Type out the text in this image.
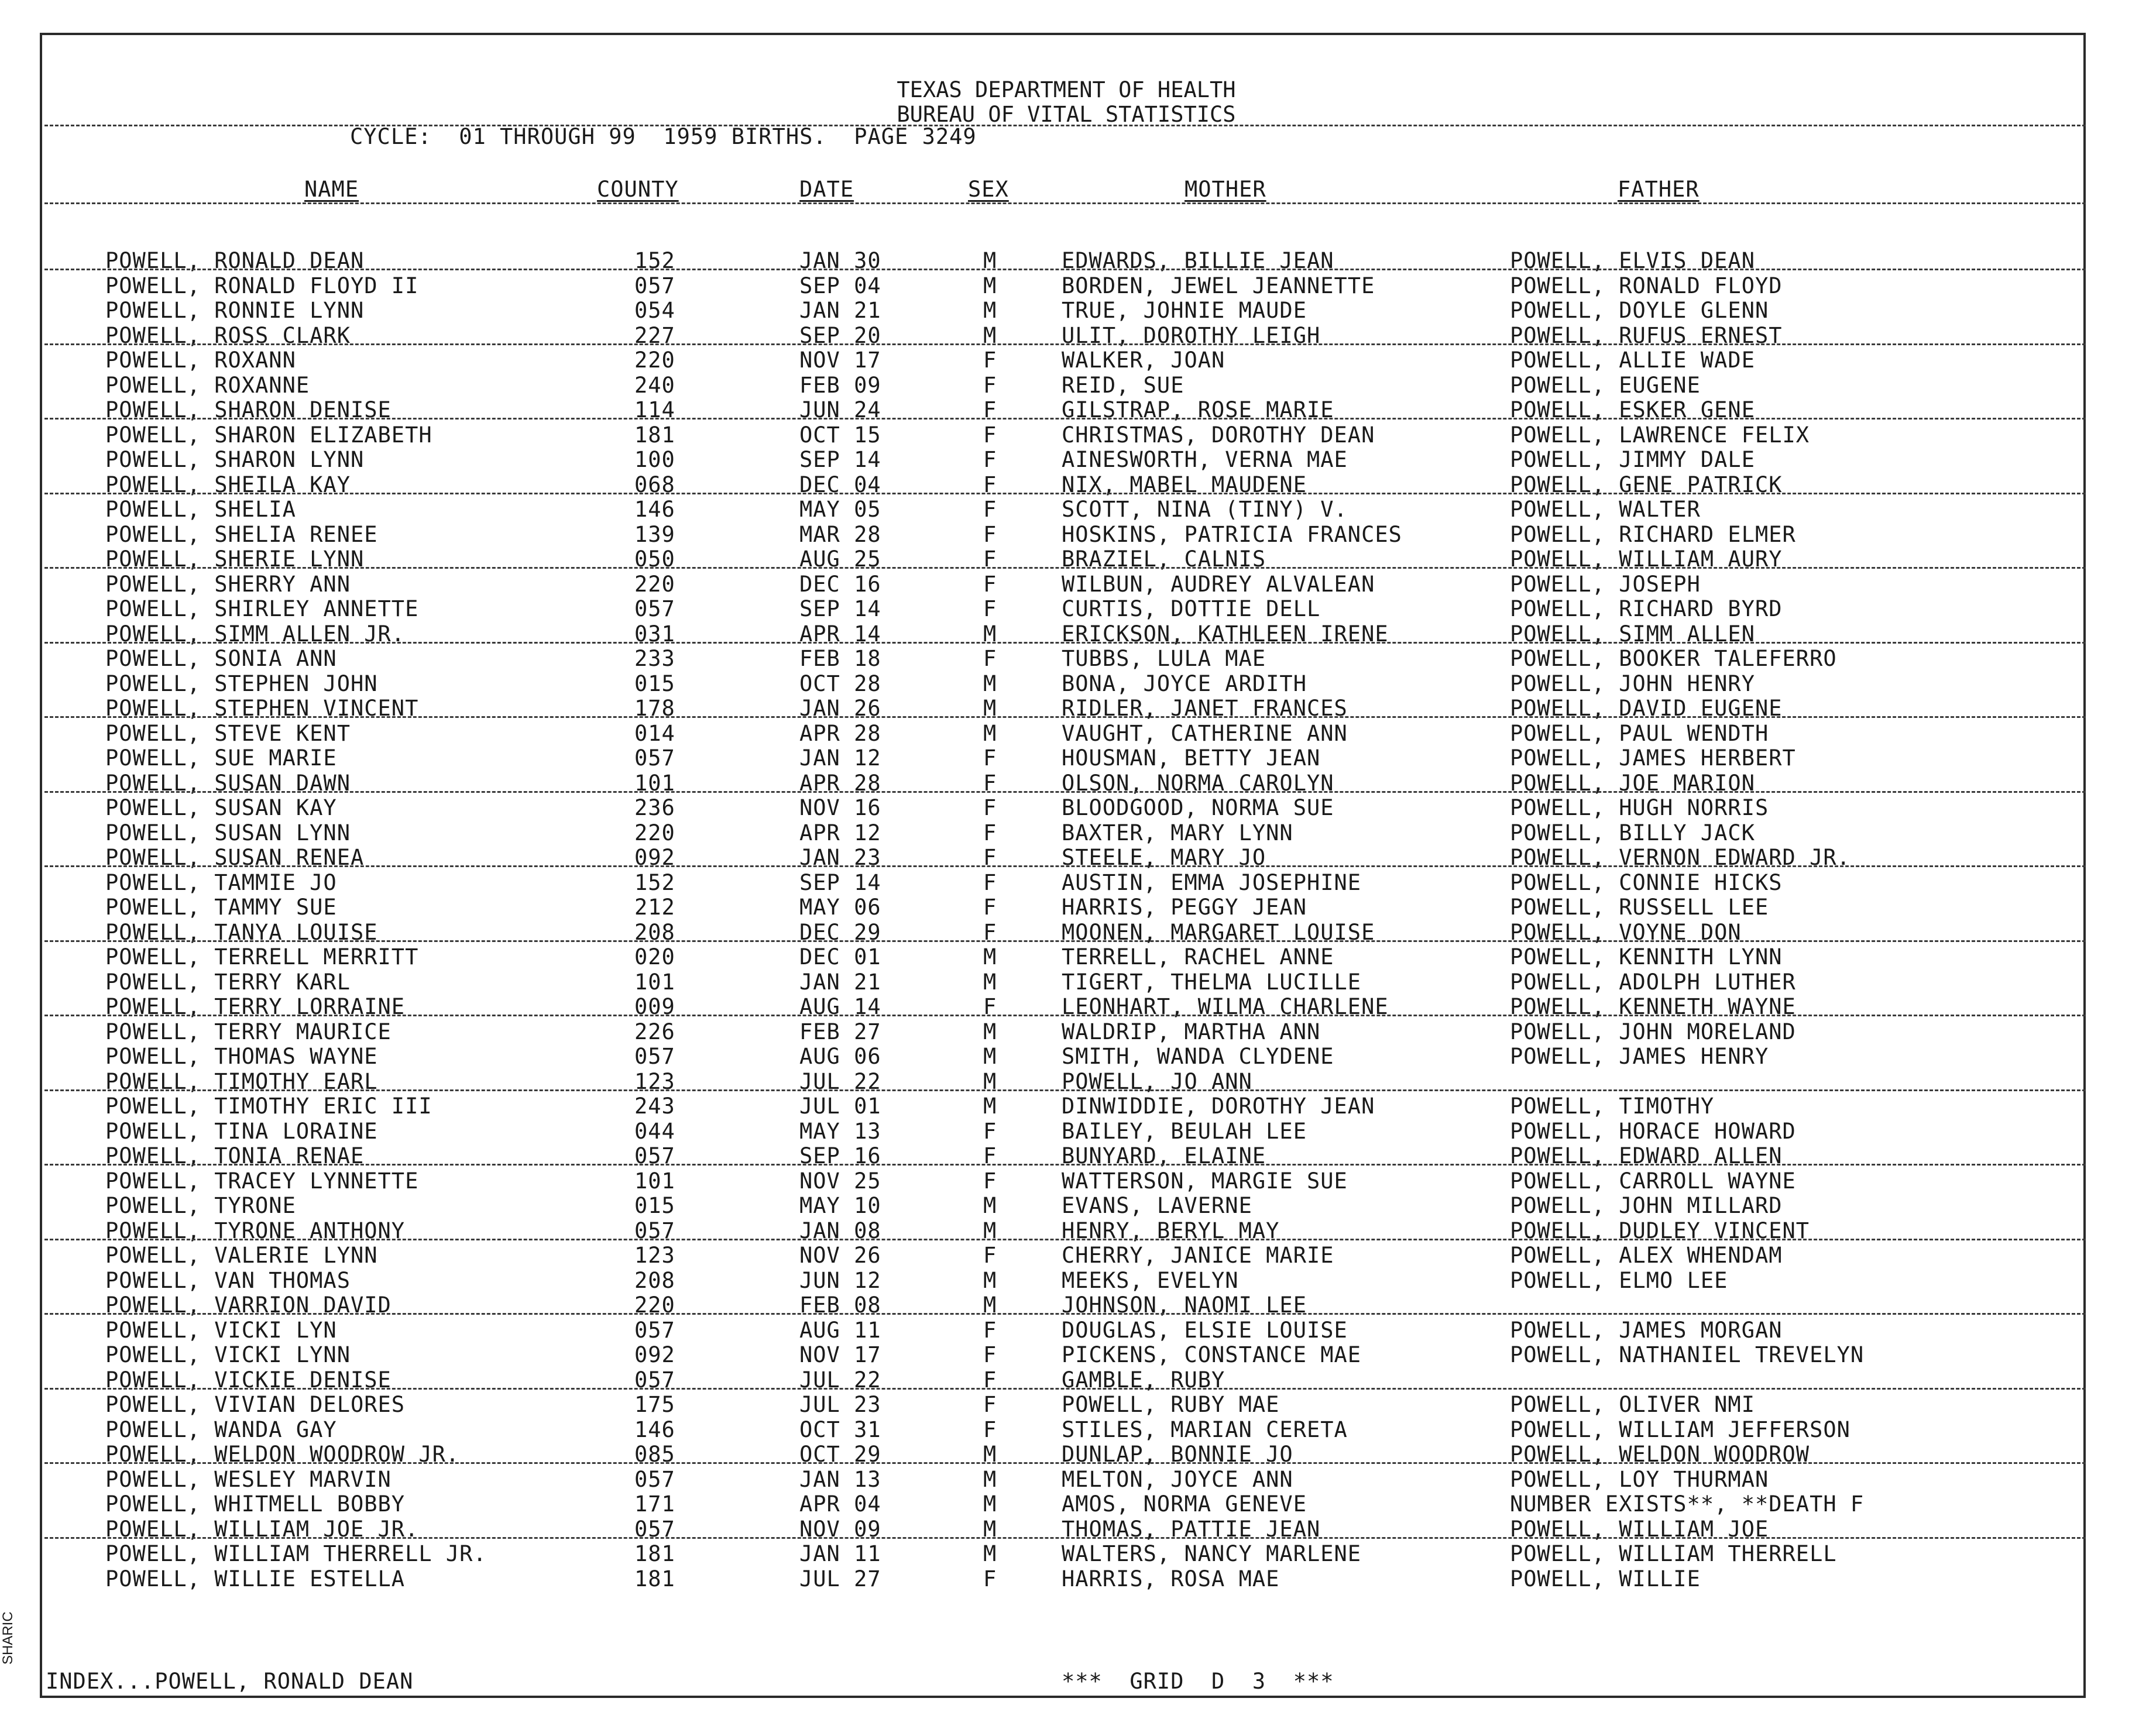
TEXAS DEPARTMENT OF HEALTH
BUREAU OF VITAL STATISTICS
CYCLE:  01 THROUGH 99  1959 BIRTHS.  PAGE 3249
NAME	COUNTY	DATE	SEX	MOTHER	FATHER
POWELL, RONALD DEAN	152	JAN 30	M	EDWARDS, BILLIE JEAN	POWELL, ELVIS DEAN
POWELL, RONALD FLOYD II	057	SEP 04	M	BORDEN, JEWEL JEANNETTE	POWELL, RONALD FLOYD
POWELL, RONNIE LYNN	054	JAN 21	M	TRUE, JOHNIE MAUDE	POWELL, DOYLE GLENN
POWELL, ROSS CLARK	227	SEP 20	M	ULIT, DOROTHY LEIGH	POWELL, RUFUS ERNEST
POWELL, ROXANN	220	NOV 17	F	WALKER, JOAN	POWELL, ALLIE WADE
POWELL, ROXANNE	240	FEB 09	F	REID, SUE	POWELL, EUGENE
POWELL, SHARON DENISE	114	JUN 24	F	GILSTRAP, ROSE MARIE	POWELL, ESKER GENE
POWELL, SHARON ELIZABETH	181	OCT 15	F	CHRISTMAS, DOROTHY DEAN	POWELL, LAWRENCE FELIX
POWELL, SHARON LYNN	100	SEP 14	F	AINESWORTH, VERNA MAE	POWELL, JIMMY DALE
POWELL, SHEILA KAY	068	DEC 04	F	NIX, MABEL MAUDENE	POWELL, GENE PATRICK
POWELL, SHELIA	146	MAY 05	F	SCOTT, NINA (TINY) V.	POWELL, WALTER
POWELL, SHELIA RENEE	139	MAR 28	F	HOSKINS, PATRICIA FRANCES	POWELL, RICHARD ELMER
POWELL, SHERIE LYNN	050	AUG 25	F	BRAZIEL, CALNIS	POWELL, WILLIAM AURY
POWELL, SHERRY ANN	220	DEC 16	F	WILBUN, AUDREY ALVALEAN	POWELL, JOSEPH
POWELL, SHIRLEY ANNETTE	057	SEP 14	F	CURTIS, DOTTIE DELL	POWELL, RICHARD BYRD
POWELL, SIMM ALLEN JR.	031	APR 14	M	ERICKSON, KATHLEEN IRENE	POWELL, SIMM ALLEN
POWELL, SONIA ANN	233	FEB 18	F	TUBBS, LULA MAE	POWELL, BOOKER TALEFERRO
POWELL, STEPHEN JOHN	015	OCT 28	M	BONA, JOYCE ARDITH	POWELL, JOHN HENRY
POWELL, STEPHEN VINCENT	178	JAN 26	M	RIDLER, JANET FRANCES	POWELL, DAVID EUGENE
POWELL, STEVE KENT	014	APR 28	M	VAUGHT, CATHERINE ANN	POWELL, PAUL WENDTH
POWELL, SUE MARIE	057	JAN 12	F	HOUSMAN, BETTY JEAN	POWELL, JAMES HERBERT
POWELL, SUSAN DAWN	101	APR 28	F	OLSON, NORMA CAROLYN	POWELL, JOE MARION
POWELL, SUSAN KAY	236	NOV 16	F	BLOODGOOD, NORMA SUE	POWELL, HUGH NORRIS
POWELL, SUSAN LYNN	220	APR 12	F	BAXTER, MARY LYNN	POWELL, BILLY JACK
POWELL, SUSAN RENEA	092	JAN 23	F	STEELE, MARY JO	POWELL, VERNON EDWARD JR.
POWELL, TAMMIE JO	152	SEP 14	F	AUSTIN, EMMA JOSEPHINE	POWELL, CONNIE HICKS
POWELL, TAMMY SUE	212	MAY 06	F	HARRIS, PEGGY JEAN	POWELL, RUSSELL LEE
POWELL, TANYA LOUISE	208	DEC 29	F	MOONEN, MARGARET LOUISE	POWELL, VOYNE DON
POWELL, TERRELL MERRITT	020	DEC 01	M	TERRELL, RACHEL ANNE	POWELL, KENNITH LYNN
POWELL, TERRY KARL	101	JAN 21	M	TIGERT, THELMA LUCILLE	POWELL, ADOLPH LUTHER
POWELL, TERRY LORRAINE	009	AUG 14	F	LEONHART, WILMA CHARLENE	POWELL, KENNETH WAYNE
POWELL, TERRY MAURICE	226	FEB 27	M	WALDRIP, MARTHA ANN	POWELL, JOHN MORELAND
POWELL, THOMAS WAYNE	057	AUG 06	M	SMITH, WANDA CLYDENE	POWELL, JAMES HENRY
POWELL, TIMOTHY EARL	123	JUL 22	M	POWELL, JO ANN
POWELL, TIMOTHY ERIC III	243	JUL 01	M	DINWIDDIE, DOROTHY JEAN	POWELL, TIMOTHY
POWELL, TINA LORAINE	044	MAY 13	F	BAILEY, BEULAH LEE	POWELL, HORACE HOWARD
POWELL, TONIA RENAE	057	SEP 16	F	BUNYARD, ELAINE	POWELL, EDWARD ALLEN
POWELL, TRACEY LYNNETTE	101	NOV 25	F	WATTERSON, MARGIE SUE	POWELL, CARROLL WAYNE
POWELL, TYRONE	015	MAY 10	M	EVANS, LAVERNE	POWELL, JOHN MILLARD
POWELL, TYRONE ANTHONY	057	JAN 08	M	HENRY, BERYL MAY	POWELL, DUDLEY VINCENT
POWELL, VALERIE LYNN	123	NOV 26	F	CHERRY, JANICE MARIE	POWELL, ALEX WHENDAM
POWELL, VAN THOMAS	208	JUN 12	M	MEEKS, EVELYN	POWELL, ELMO LEE
POWELL, VARRION DAVID	220	FEB 08	M	JOHNSON, NAOMI LEE
POWELL, VICKI LYN	057	AUG 11	F	DOUGLAS, ELSIE LOUISE	POWELL, JAMES MORGAN
POWELL, VICKI LYNN	092	NOV 17	F	PICKENS, CONSTANCE MAE	POWELL, NATHANIEL TREVELYN
POWELL, VICKIE DENISE	057	JUL 22	F	GAMBLE, RUBY
POWELL, VIVIAN DELORES	175	JUL 23	F	POWELL, RUBY MAE	POWELL, OLIVER NMI
POWELL, WANDA GAY	146	OCT 31	F	STILES, MARIAN CERETA	POWELL, WILLIAM JEFFERSON
POWELL, WELDON WOODROW JR.	085	OCT 29	M	DUNLAP, BONNIE JO	POWELL, WELDON WOODROW
POWELL, WESLEY MARVIN	057	JAN 13	M	MELTON, JOYCE ANN	POWELL, LOY THURMAN
POWELL, WHITMELL BOBBY	171	APR 04	M	AMOS, NORMA GENEVE	NUMBER EXISTS**, **DEATH F
POWELL, WILLIAM JOE JR.	057	NOV 09	M	THOMAS, PATTIE JEAN	POWELL, WILLIAM JOE
POWELL, WILLIAM THERRELL JR.	181	JAN 11	M	WALTERS, NANCY MARLENE	POWELL, WILLIAM THERRELL
POWELL, WILLIE ESTELLA	181	JUL 27	F	HARRIS, ROSA MAE	POWELL, WILLIE
INDEX...POWELL, RONALD DEAN	***  GRID  D  3  ***
SHARIC
